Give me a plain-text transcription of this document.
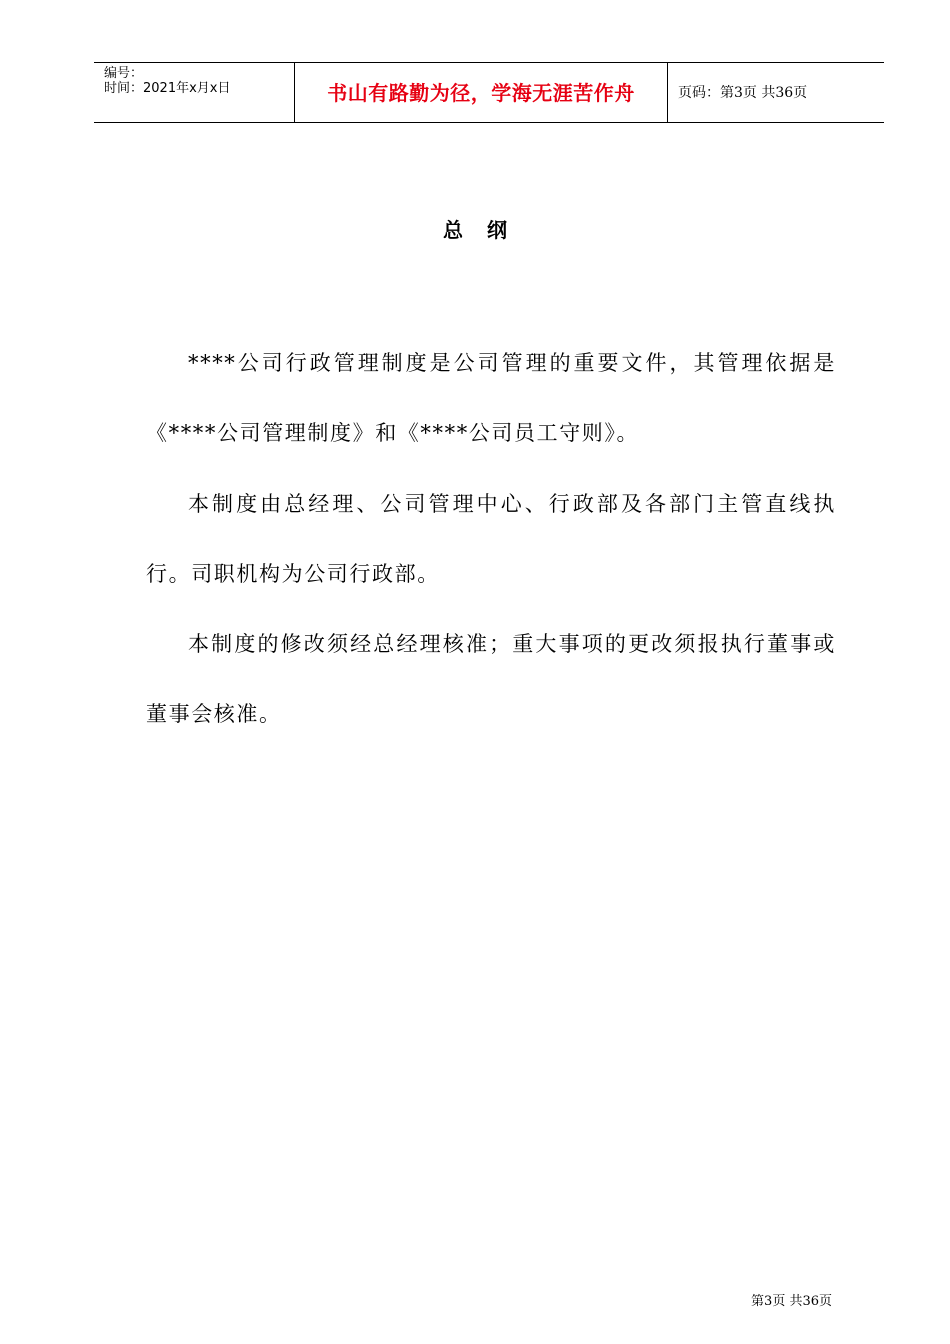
编号：
时间：2021年x月x日	书山有路勤为径，学海无涯苦作舟	页码：第3页 共36页
总纲

****公司行政管理制度是公司管理的重要文件，其管理依据是《****公司管理制度》和《****公司员工守则》。

本制度由总经理、公司管理中心、行政部及各部门主管直线执行。司职机构为公司行政部。

本制度的修改须经总经理核准；重大事项的更改须报执行董事或董事会核准。

第3页 共36页
